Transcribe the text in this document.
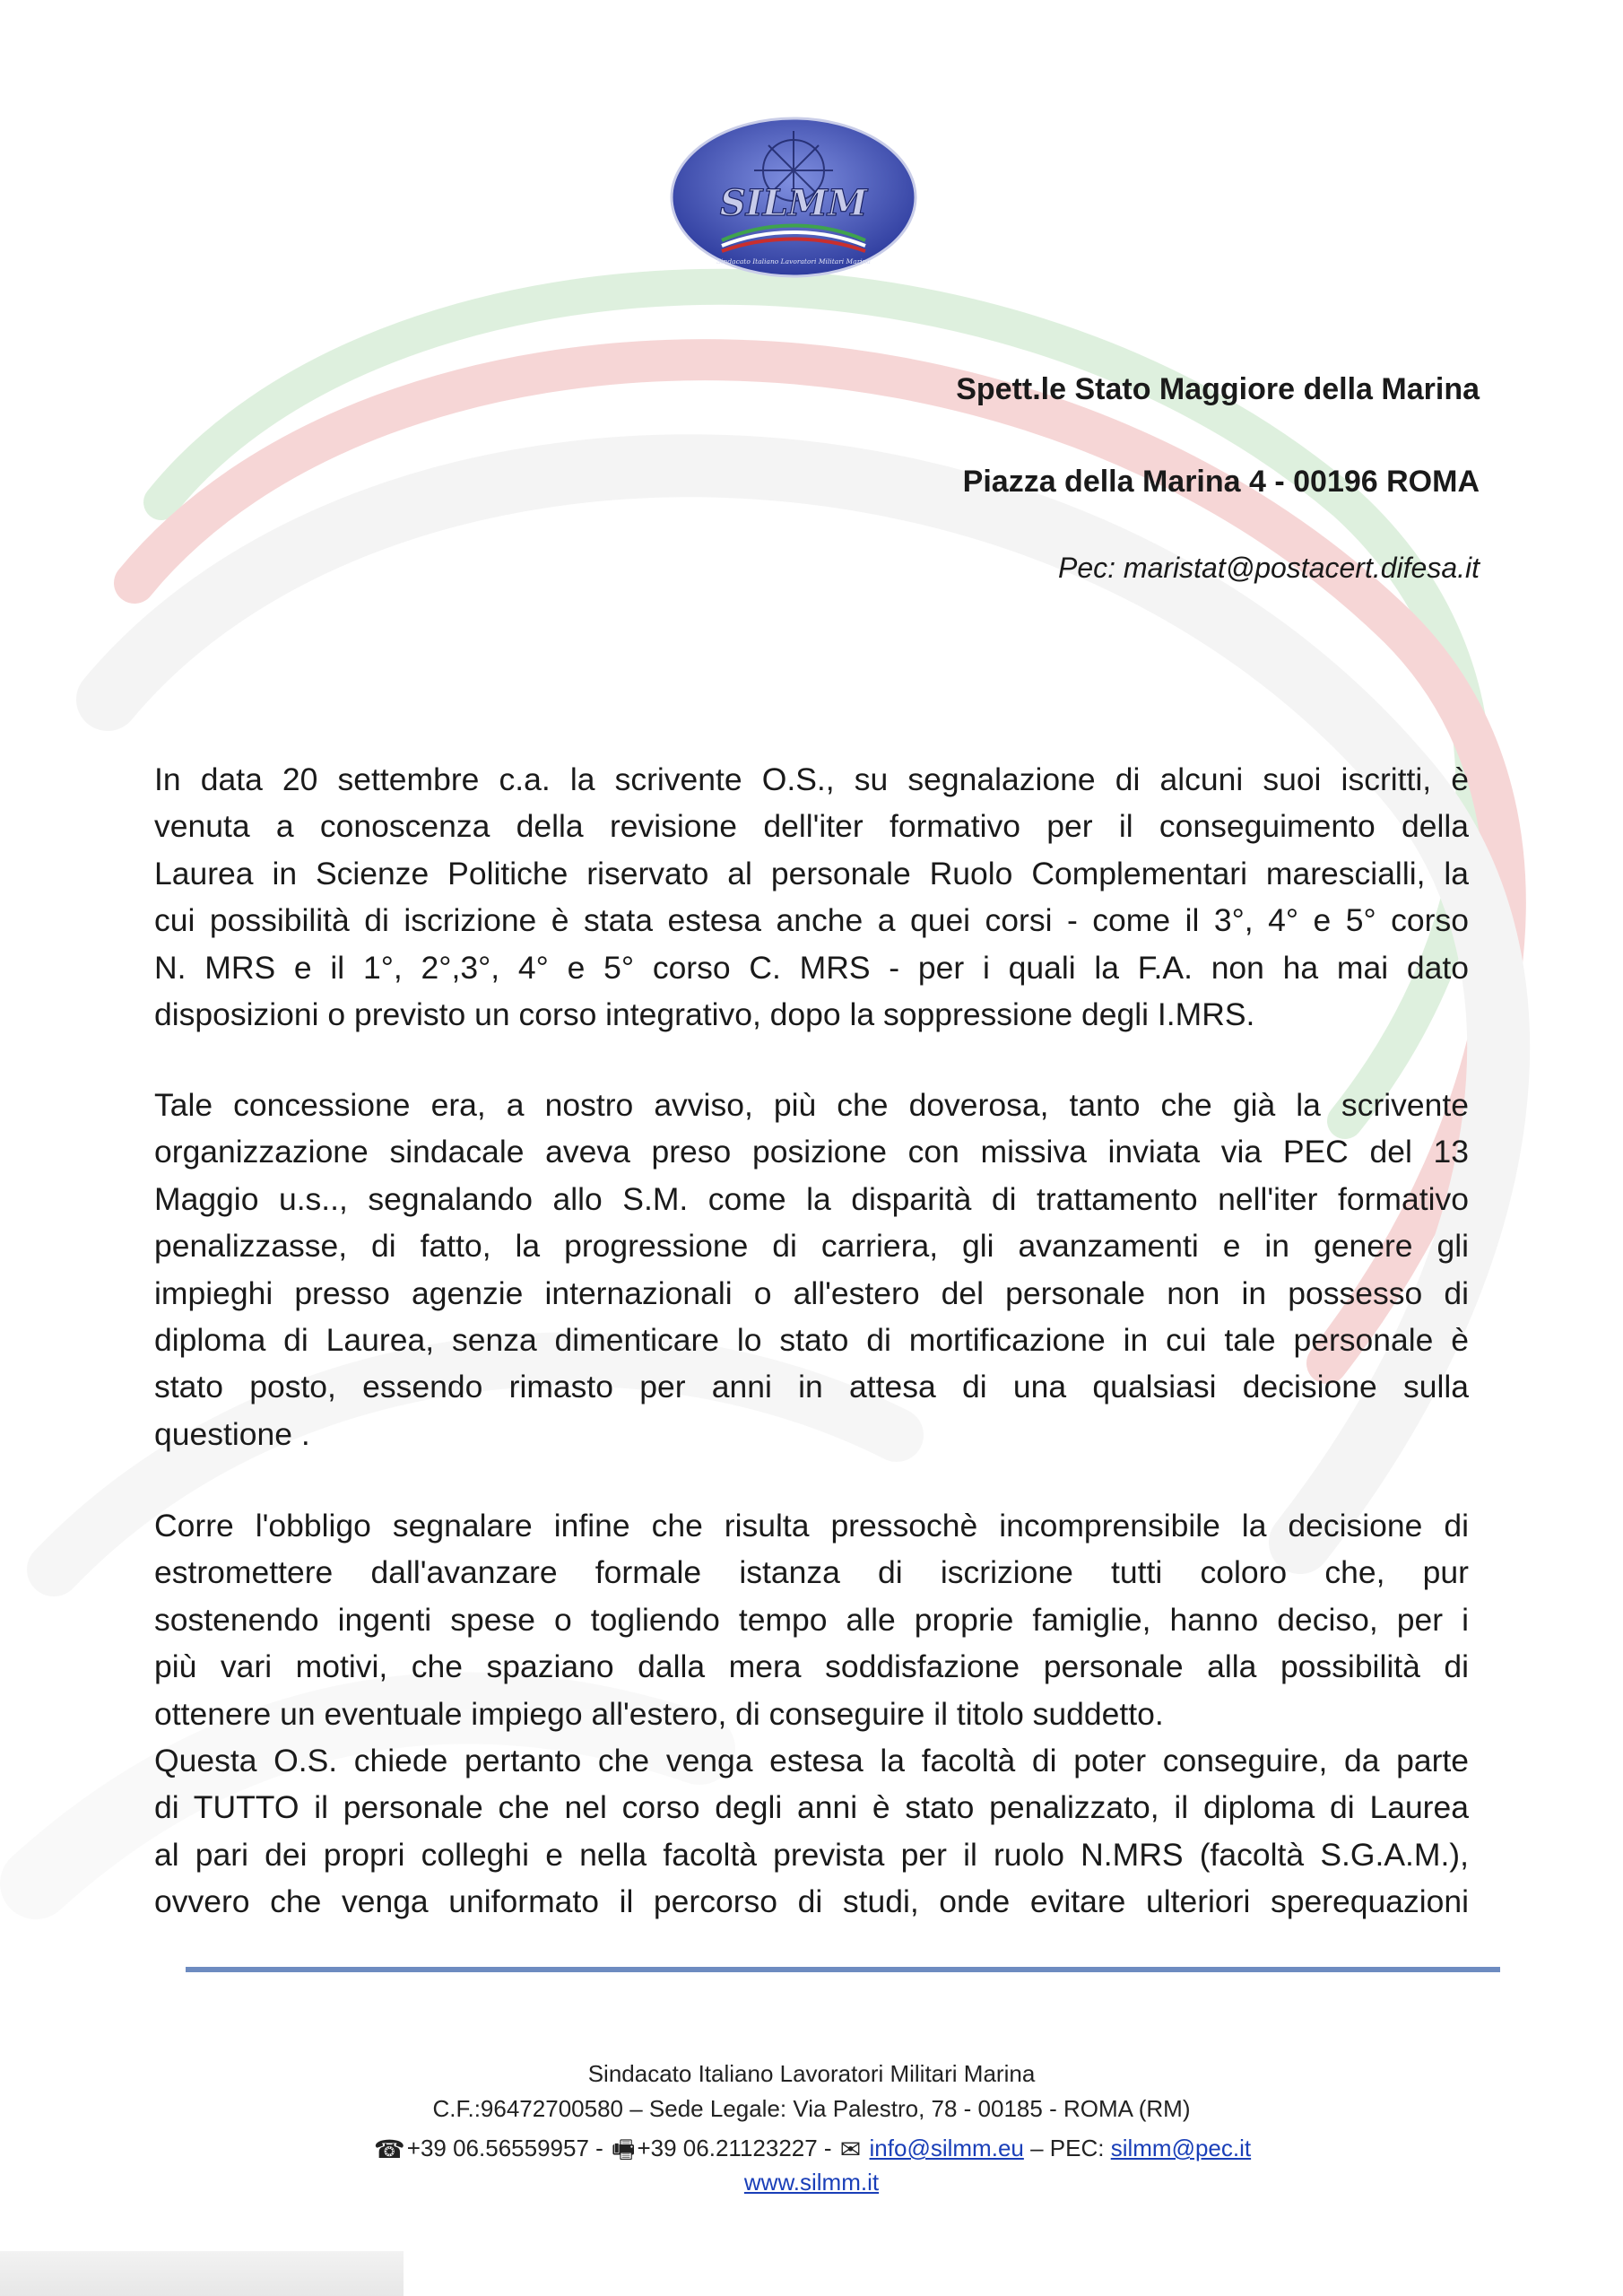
SILMM
Sindacato Italiano Lavoratori Militari Marina
Spett.le Stato Maggiore della Marina
Piazza della Marina 4 - 00196 ROMA
Pec: maristat@postacert.difesa.it
In data 20 settembre c.a. la scrivente O.S., su segnalazione di alcuni suoi iscritti, è
venuta a conoscenza della revisione dell'iter formativo per il conseguimento della
Laurea in Scienze Politiche riservato al personale Ruolo Complementari marescialli, la
cui possibilità di iscrizione è stata estesa anche a quei corsi - come il 3°, 4° e 5° corso
N. MRS e il 1°, 2°,3°, 4° e 5° corso C. MRS - per i quali la F.A. non ha mai dato
disposizioni o previsto un corso integrativo, dopo la soppressione degli I.MRS.
Tale concessione era, a nostro avviso, più che doverosa, tanto che già la scrivente
organizzazione sindacale aveva preso posizione con missiva inviata via PEC del 13
Maggio u.s.., segnalando allo S.M. come la disparità di trattamento nell'iter formativo
penalizzasse, di fatto, la progressione di carriera, gli avanzamenti e in genere gli
impieghi presso agenzie internazionali o all'estero del personale non in possesso di
diploma di Laurea, senza dimenticare lo stato di mortificazione in cui tale personale è
stato posto, essendo rimasto per anni in attesa di una qualsiasi decisione sulla
questione .
Corre l'obbligo segnalare infine che risulta pressochè incomprensibile la decisione di
estromettere dall'avanzare formale istanza di iscrizione tutti coloro che, pur
sostenendo ingenti spese o togliendo tempo alle proprie famiglie, hanno deciso, per i
più vari motivi, che spaziano dalla mera soddisfazione personale alla possibilità di
ottenere un eventuale impiego all'estero, di conseguire il titolo suddetto.
Questa O.S. chiede pertanto che venga estesa la facoltà di poter conseguire, da parte
di TUTTO il personale che nel corso degli anni è stato penalizzato, il diploma di Laurea
al pari dei propri colleghi e nella facoltà prevista per il ruolo N.MRS (facoltà S.G.A.M.),
ovvero che venga uniformato il percorso di studi, onde evitare ulteriori sperequazioni
Sindacato Italiano Lavoratori Militari Marina
C.F.:96472700580 – Sede Legale: Via Palestro, 78 - 00185 - ROMA (RM)
☎+39 06.56559957 - 🖷+39 06.21123227 - ✉ info@silmm.eu – PEC: silmm@pec.it
www.silmm.it
